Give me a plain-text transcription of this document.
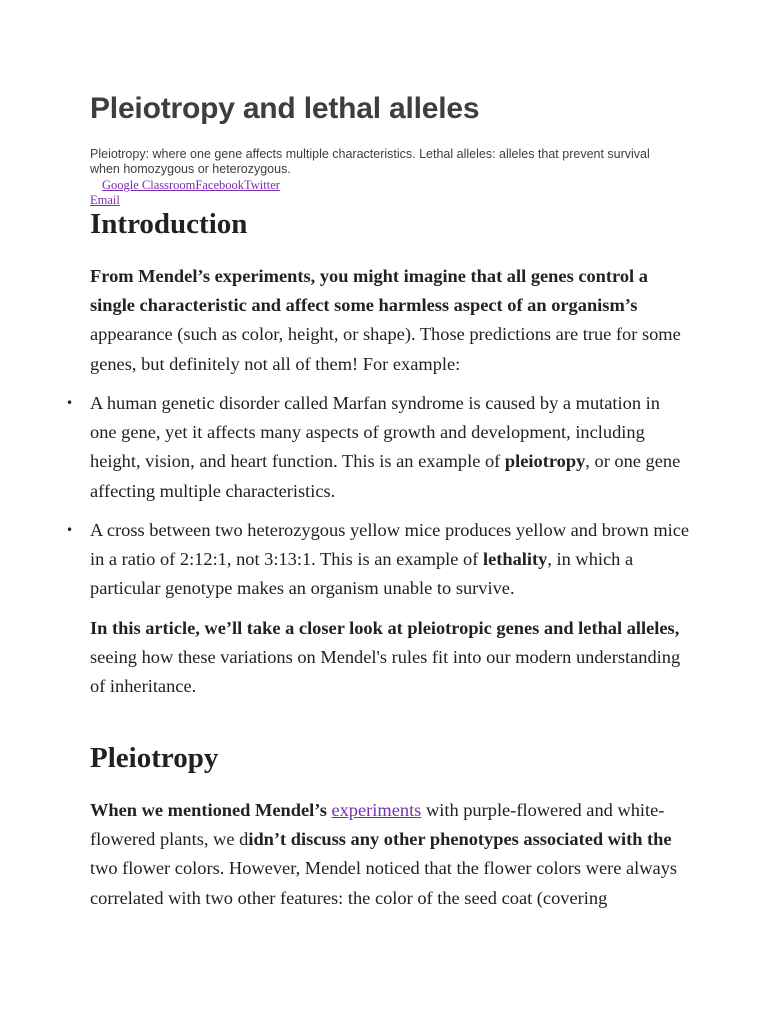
Pleiotropy and lethal alleles

Pleiotropy: where one gene affects multiple characteristics. Lethal alleles: alleles that prevent survival when homozygous or heterozygous.

Google ClassroomFacebookTwitter
Email
Introduction

From Mendel’s experiments, you might imagine that all genes control a single characteristic and affect some harmless aspect of an organism’s appearance (such as color, height, or shape). Those predictions are true for some genes, but definitely not all of them! For example:

• A human genetic disorder called Marfan syndrome is caused by a mutation in one gene, yet it affects many aspects of growth and development, including height, vision, and heart function. This is an example of pleiotropy, or one gene affecting multiple characteristics.
• A cross between two heterozygous yellow mice produces yellow and brown mice in a ratio of 2:12:1, not 3:13:1. This is an example of lethality, in which a particular genotype makes an organism unable to survive.

In this article, we’ll take a closer look at pleiotropic genes and lethal alleles, seeing how these variations on Mendel's rules fit into our modern understanding of inheritance.

Pleiotropy

When we mentioned Mendel’s experiments with purple-flowered and white-flowered plants, we didn’t discuss any other phenotypes associated with the two flower colors. However, Mendel noticed that the flower colors were always correlated with two other features: the color of the seed coat (covering
